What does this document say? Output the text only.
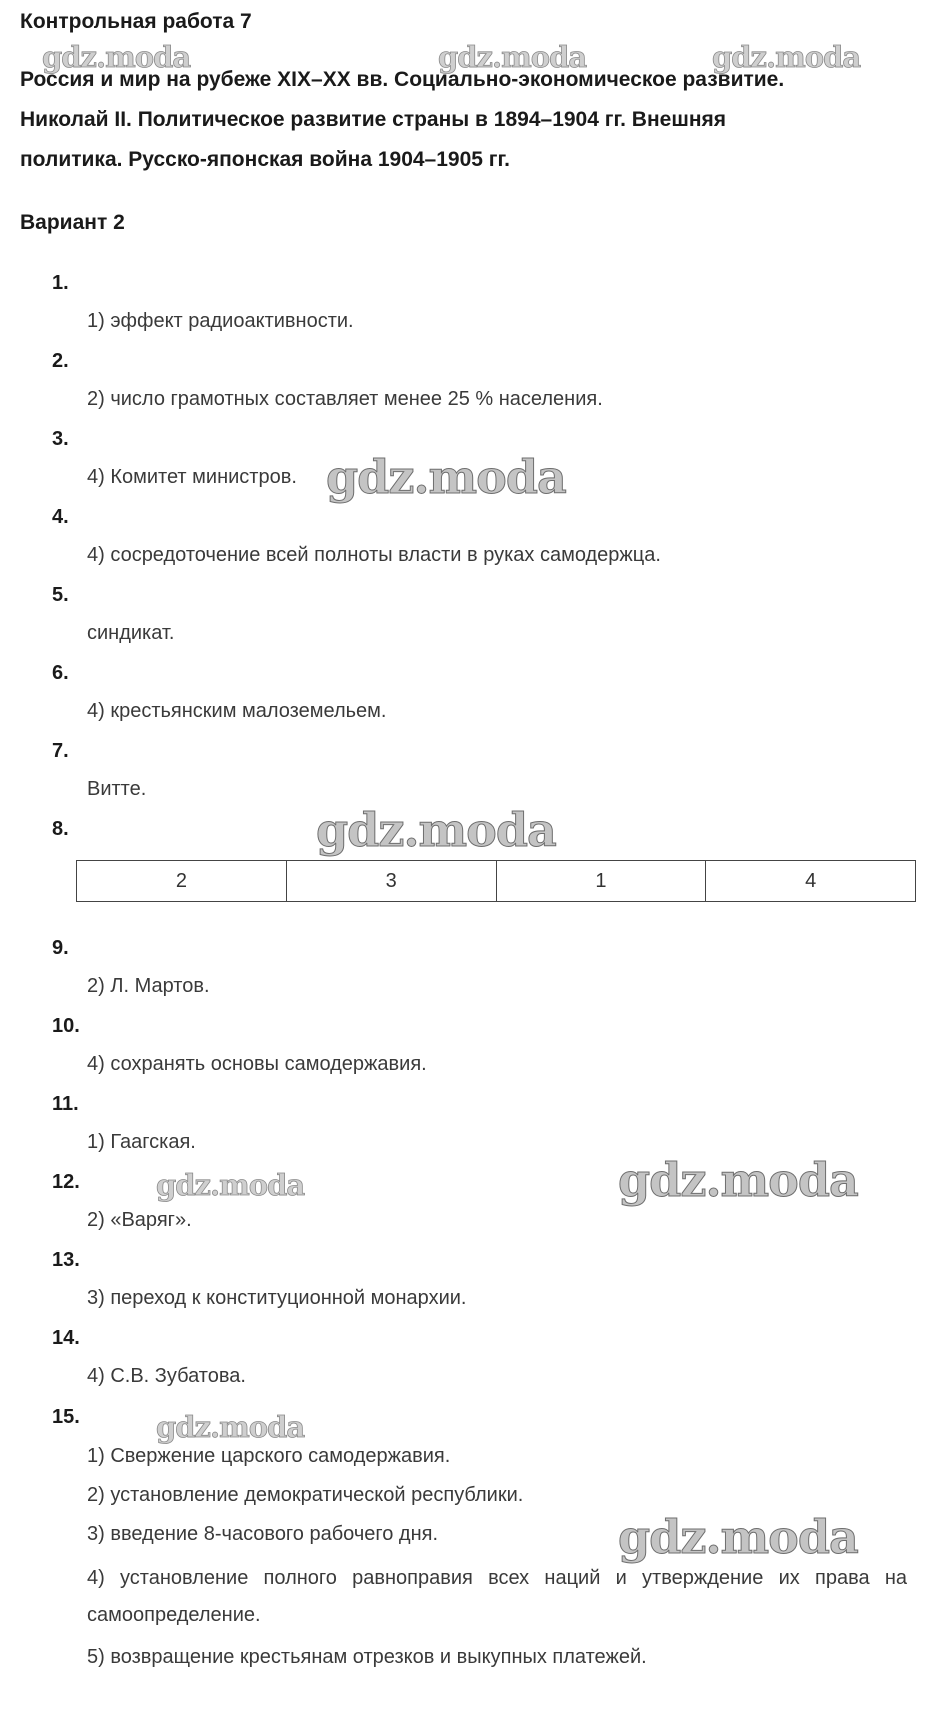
Контрольная работа 7
Россия и мир на рубеже XIX–XX вв. Социально-экономическое развитие.
Николай II. Политическое развитие страны в 1894–1904 гг. Внешняя
политика. Русско-японская война 1904–1905 гг.
Вариант 2
1.
1) эффект радиоактивности.
2.
2) число грамотных составляет менее 25 % населения.
3.
4) Комитет министров.
4.
4) сосредоточение всей полноты власти в руках самодержца.
5.
синдикат.
6.
4) крестьянским малоземельем.
7.
Витте.
8.
2	3	1	4
9.
2) Л. Мартов.
10.
4) сохранять основы самодержавия.
11.
1) Гаагская.
12.
2) «Варяг».
13.
3) переход к конституционной монархии.
14.
4) С.В. Зубатова.
15.
1) Свержение царского самодержавия.
2) установление демократической республики.
3) введение 8-часового рабочего дня.
4) установление полного равноправия всех наций и утверждение их права на самоопределение.
5) возвращение крестьянам отрезков и выкупных платежей.
gdz.moda	gdz.moda	gdz.moda
gdz.moda
gdz.moda
gdz.moda	gdz.moda
gdz.moda
gdz.moda
